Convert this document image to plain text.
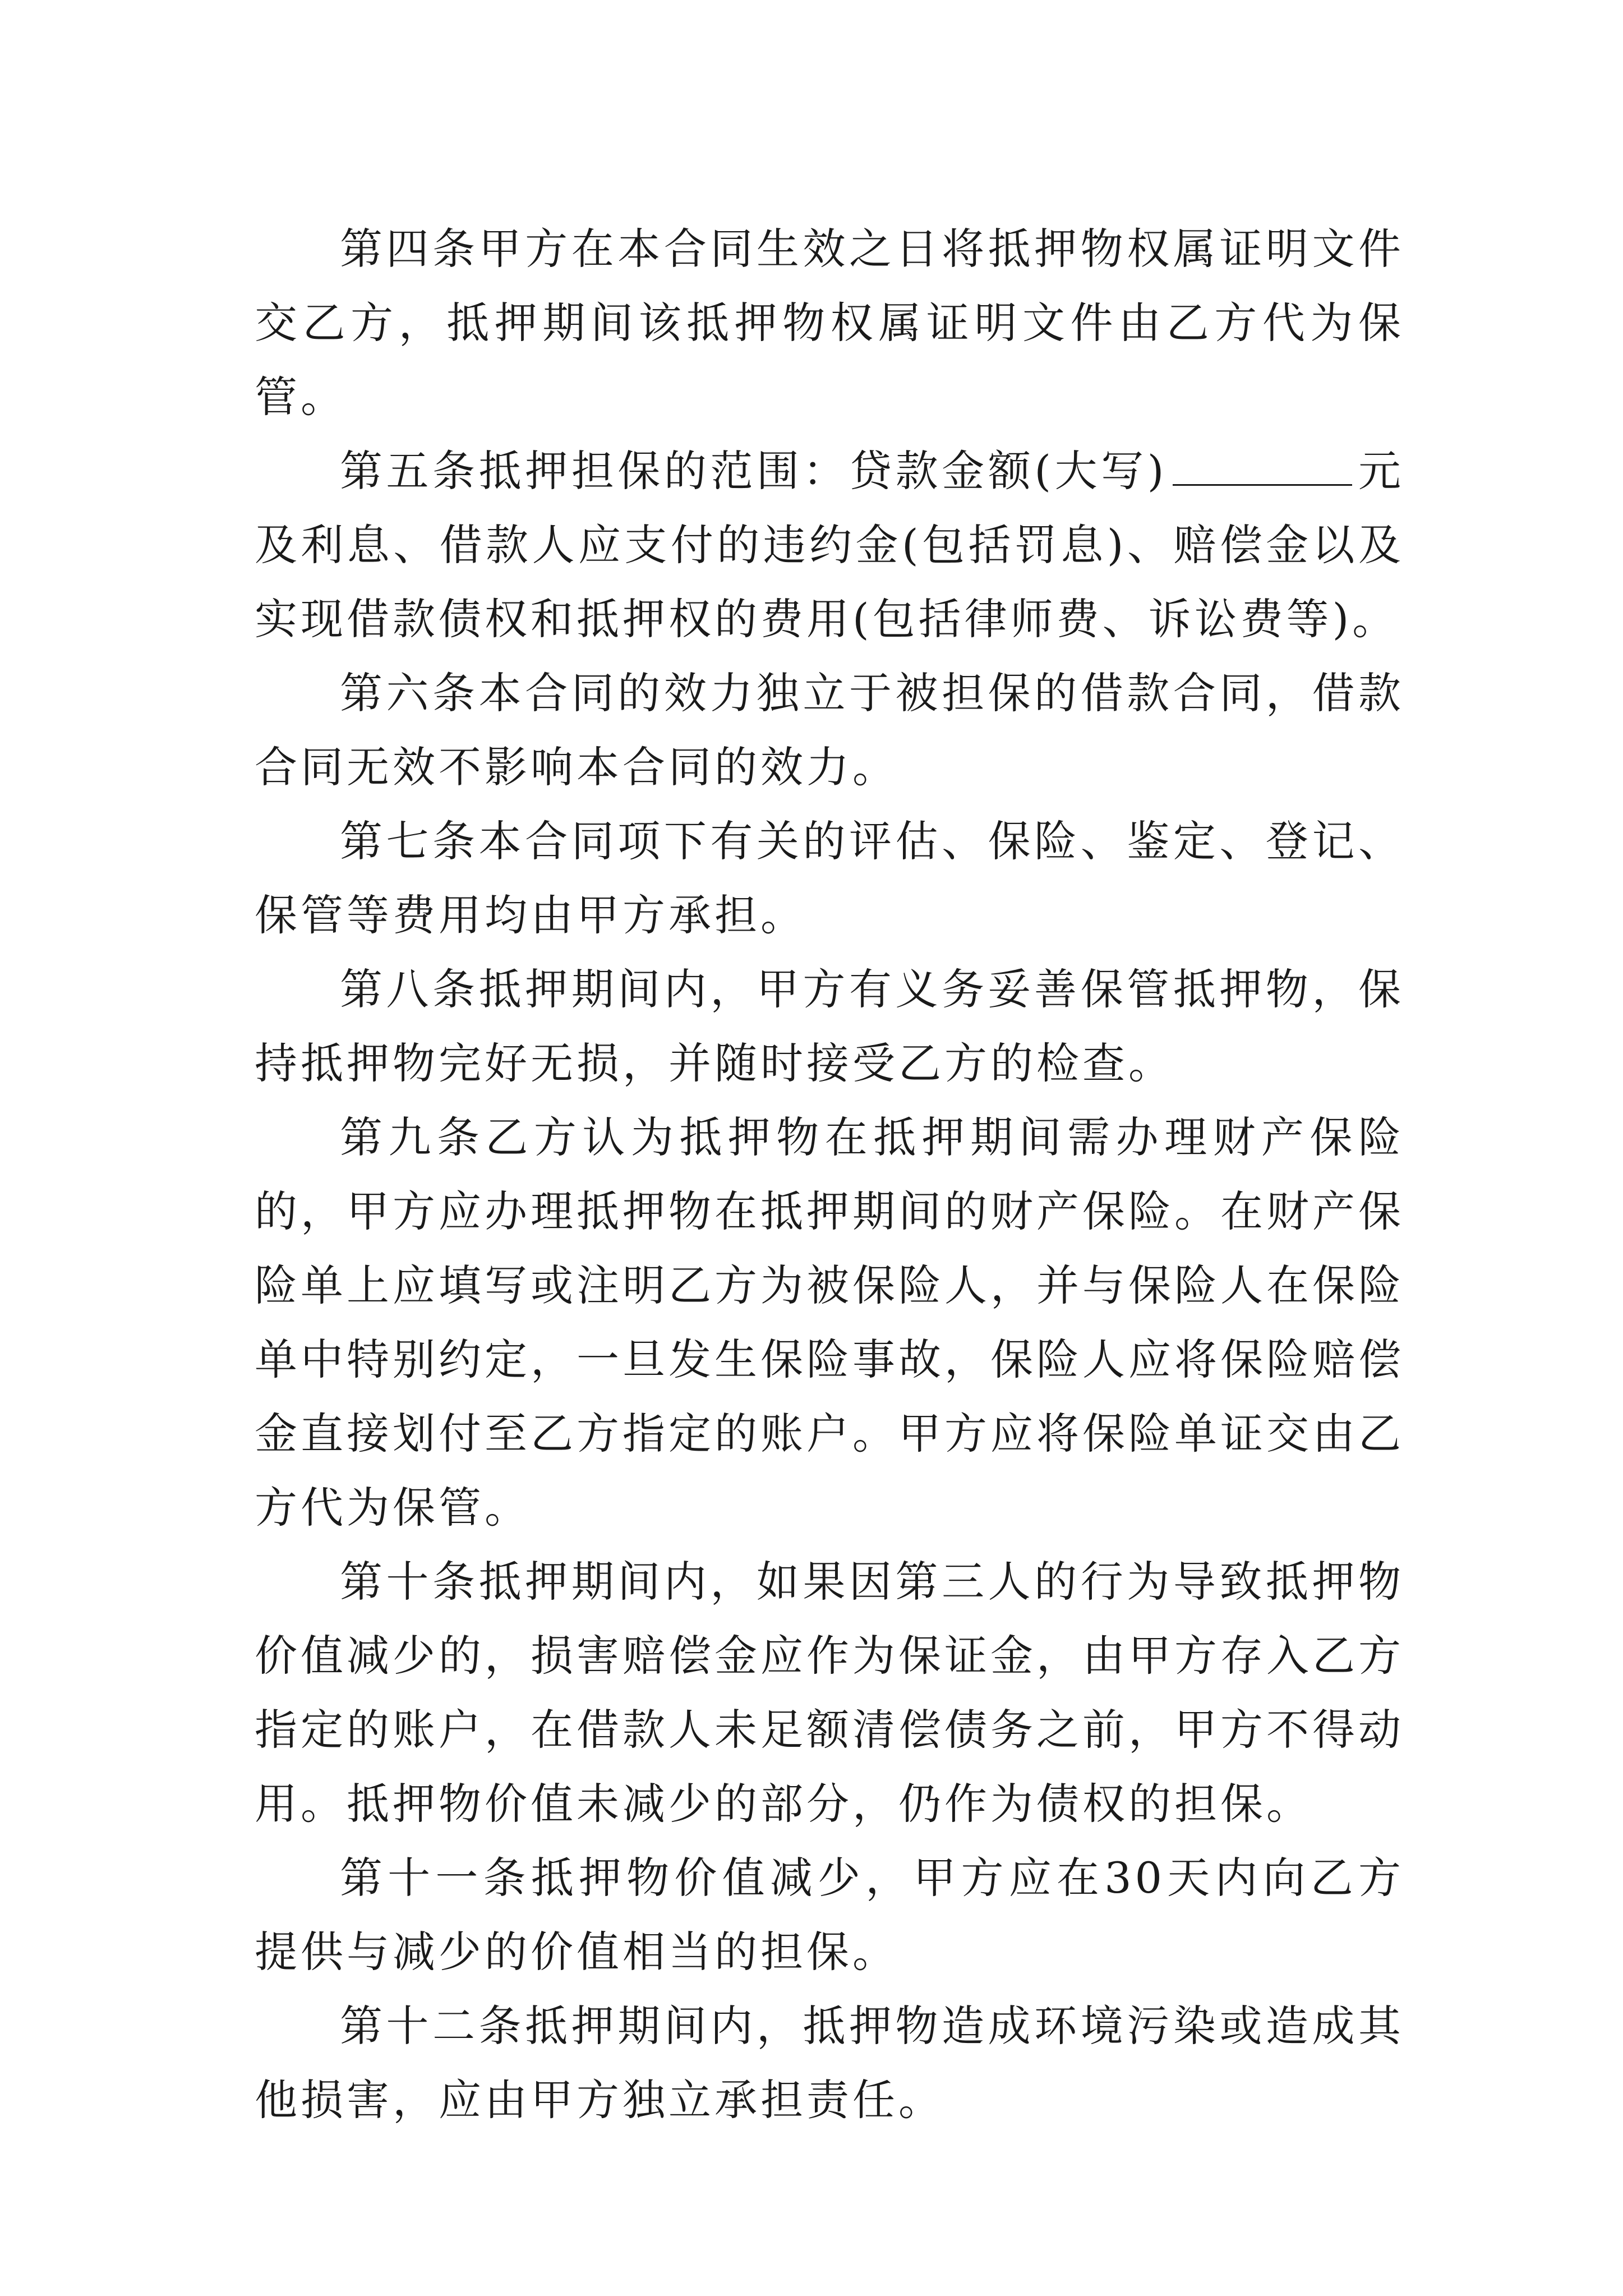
第四条甲方在本合同生效之日将抵押物权属证明文件交乙方，抵押期间该抵押物权属证明文件由乙方代为保管。

第五条抵押担保的范围：贷款金额(大写)	元及利息、借款人应支付的违约金(包括罚息)、赔偿金以及实现借款债权和抵押权的费用(包括律师费、诉讼费等)。

第六条本合同的效力独立于被担保的借款合同，借款合同无效不影响本合同的效力。

第七条本合同项下有关的评估、保险、鉴定、登记、保管等费用均由甲方承担。

第八条抵押期间内，甲方有义务妥善保管抵押物，保持抵押物完好无损，并随时接受乙方的检查。

第九条乙方认为抵押物在抵押期间需办理财产保险的，甲方应办理抵押物在抵押期间的财产保险。在财产保险单上应填写或注明乙方为被保险人，并与保险人在保险单中特别约定，一旦发生保险事故，保险人应将保险赔偿金直接划付至乙方指定的账户。甲方应将保险单证交由乙方代为保管。

第十条抵押期间内，如果因第三人的行为导致抵押物价值减少的，损害赔偿金应作为保证金，由甲方存入乙方指定的账户，在借款人未足额清偿债务之前，甲方不得动用。抵押物价值未减少的部分，仍作为债权的担保。

第十一条抵押物价值减少，甲方应在30天内向乙方提供与减少的价值相当的担保。

第十二条抵押期间内，抵押物造成环境污染或造成其他损害，应由甲方独立承担责任。
